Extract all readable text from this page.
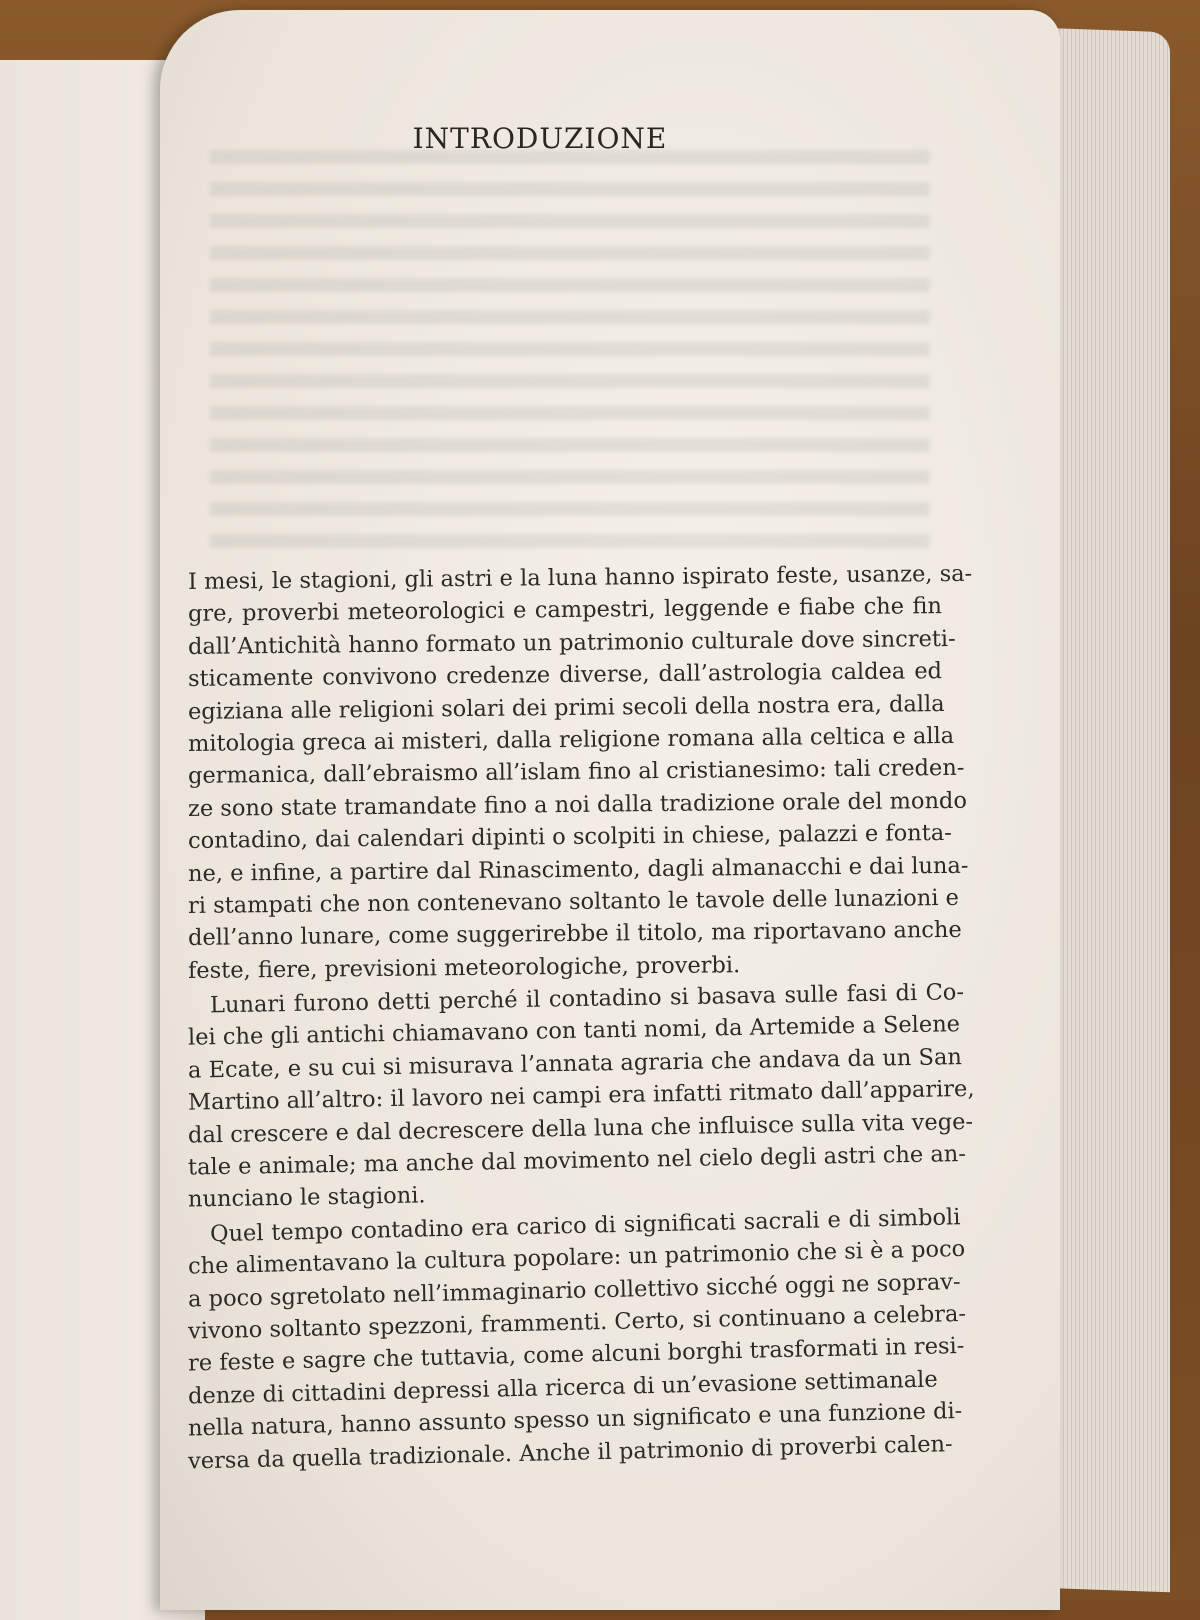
INTRODUZIONE
I mesi, le stagioni, gli astri e la luna hanno ispirato feste, usanze, sa-
gre, proverbi meteorologici e campestri, leggende e fiabe che fin
dall’Antichità hanno formato un patrimonio culturale dove sincreti-
sticamente convivono credenze diverse, dall’astrologia caldea ed
egiziana alle religioni solari dei primi secoli della nostra era, dalla
mitologia greca ai misteri, dalla religione romana alla celtica e alla
germanica, dall’ebraismo all’islam fino al cristianesimo: tali creden-
ze sono state tramandate fino a noi dalla tradizione orale del mondo
contadino, dai calendari dipinti o scolpiti in chiese, palazzi e fonta-
ne, e infine, a partire dal Rinascimento, dagli almanacchi e dai luna-
ri stampati che non contenevano soltanto le tavole delle lunazioni e
dell’anno lunare, come suggerirebbe il titolo, ma riportavano anche
feste, fiere, previsioni meteorologiche, proverbi.
Lunari furono detti perché il contadino si basava sulle fasi di Co-
lei che gli antichi chiamavano con tanti nomi, da Artemide a Selene
a Ecate, e su cui si misurava l’annata agraria che andava da un San
Martino all’altro: il lavoro nei campi era infatti ritmato dall’apparire,
dal crescere e dal decrescere della luna che influisce sulla vita vege-
tale e animale; ma anche dal movimento nel cielo degli astri che an-
nunciano le stagioni.
Quel tempo contadino era carico di significati sacrali e di simboli
che alimentavano la cultura popolare: un patrimonio che si è a poco
a poco sgretolato nell’immaginario collettivo sicché oggi ne soprav-
vivono soltanto spezzoni, frammenti. Certo, si continuano a celebra-
re feste e sagre che tuttavia, come alcuni borghi trasformati in resi-
denze di cittadini depressi alla ricerca di un’evasione settimanale
nella natura, hanno assunto spesso un significato e una funzione di-
versa da quella tradizionale. Anche il patrimonio di proverbi calen-
